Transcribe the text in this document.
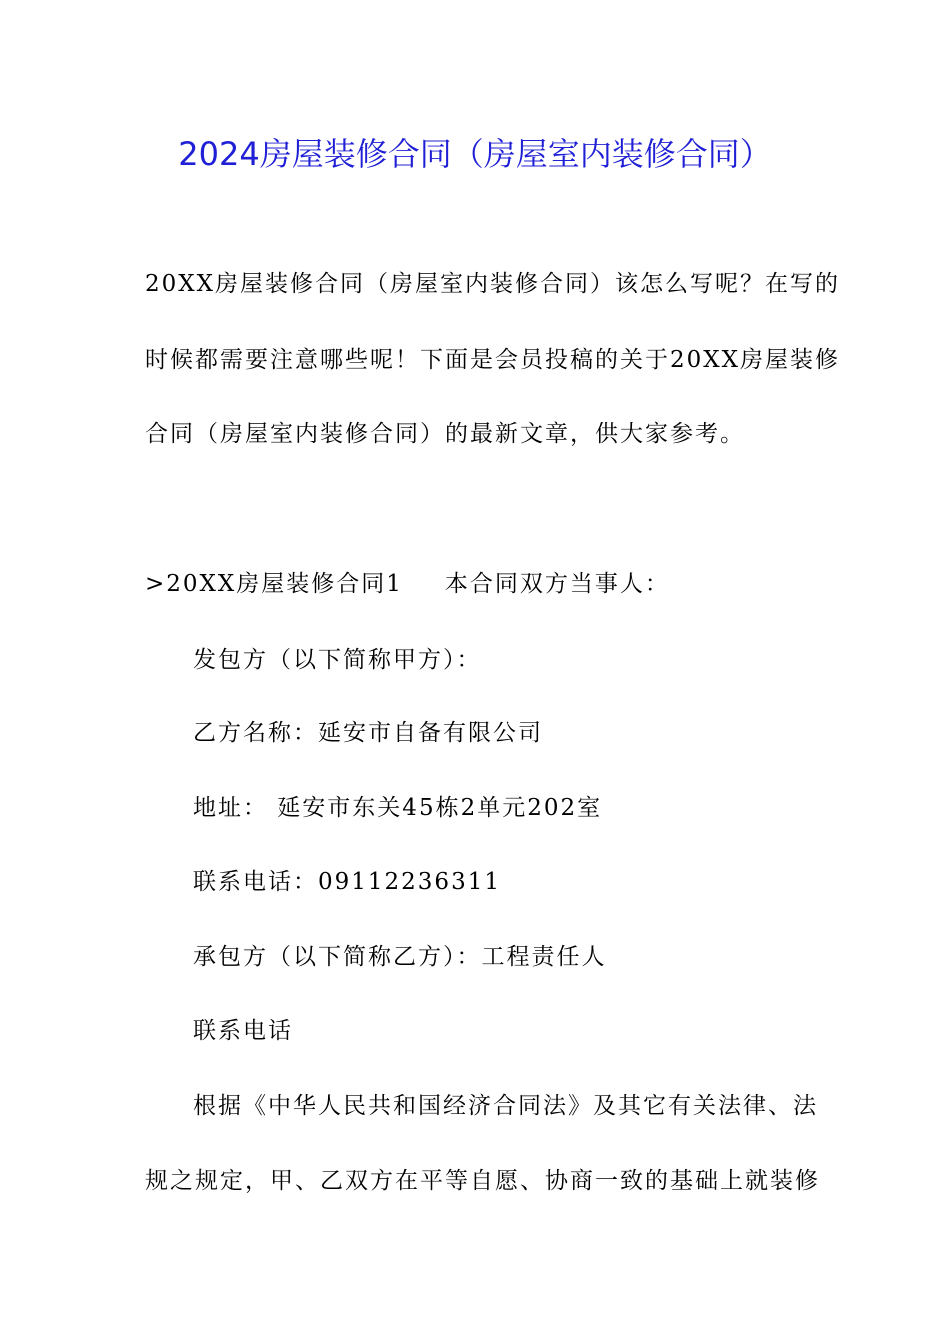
2024房屋装修合同（房屋室内装修合同）
20XX房屋装修合同（房屋室内装修合同）该怎么写呢？在写的
时候都需要注意哪些呢！下面是会员投稿的关于20XX房屋装修
合同（房屋室内装修合同）的最新文章，供大家参考。
>20XX房屋装修合同1 本合同双方当事人：
发包方（以下简称甲方）：
乙方名称：延安市自备有限公司
地址： 延安市东关45栋2单元202室
联系电话：09112236311
承包方（以下简称乙方）：工程责任人
联系电话
根据《中华人民共和国经济合同法》及其它有关法律、法
规之规定，甲、乙双方在平等自愿、协商一致的基础上就装修
